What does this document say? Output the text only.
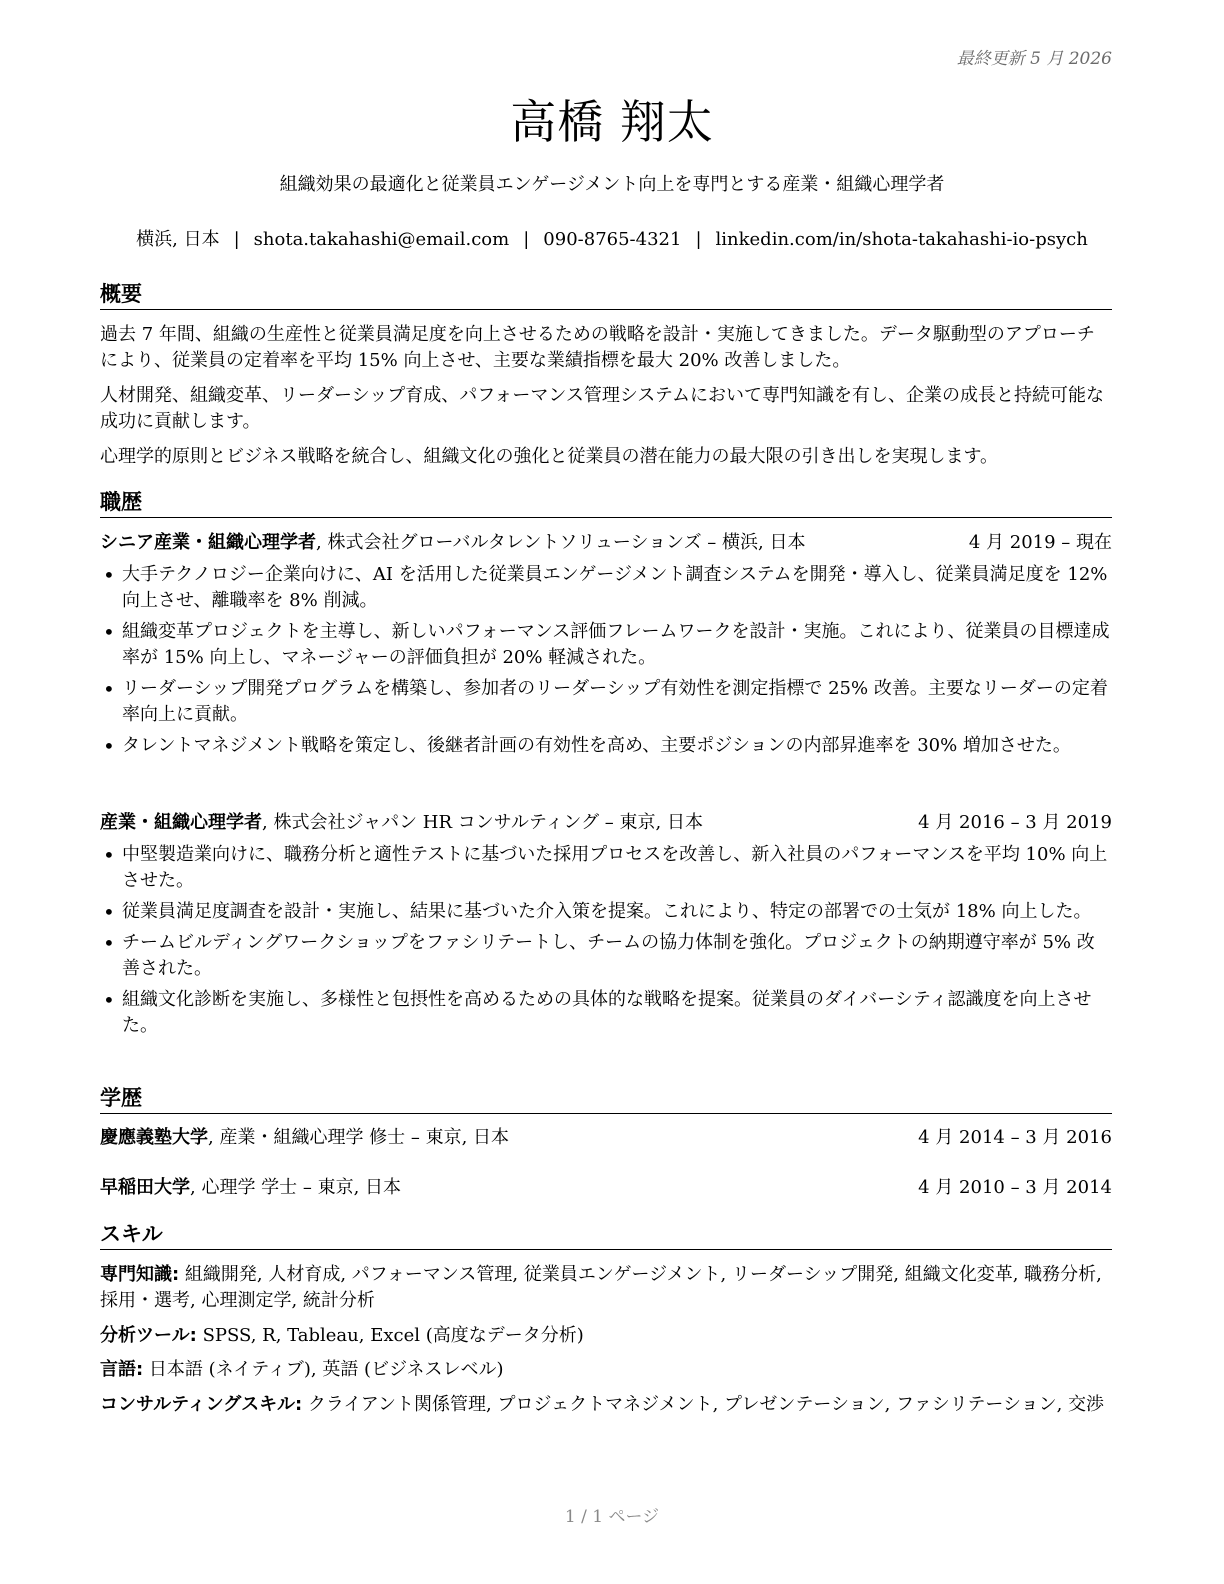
最終更新 5 月 2026
高橋 翔太
組織効果の最適化と従業員エンゲージメント向上を専門とする産業・組織心理学者
横浜, 日本 | shota.takahashi@email.com | 090-8765-4321 | linkedin.com/in/shota-takahashi-io-psych
概要
過去 7 年間、組織の生産性と従業員満足度を向上させるための戦略を設計・実施してきました。データ駆動型のアプローチにより、従業員の定着率を平均 15% 向上させ、主要な業績指標を最大 20% 改善しました。
人材開発、組織変革、リーダーシップ育成、パフォーマンス管理システムにおいて専門知識を有し、企業の成長と持続可能な成功に貢献します。
心理学的原則とビジネス戦略を統合し、組織文化の強化と従業員の潜在能力の最大限の引き出しを実現します。
職歴
シニア産業・組織心理学者, 株式会社グローバルタレントソリューションズ – 横浜, 日本	4 月 2019 – 現在
• 大手テクノロジー企業向けに、AI を活用した従業員エンゲージメント調査システムを開発・導入し、従業員満足度を 12% 向上させ、離職率を 8% 削減。
• 組織変革プロジェクトを主導し、新しいパフォーマンス評価フレームワークを設計・実施。これにより、従業員の目標達成率が 15% 向上し、マネージャーの評価負担が 20% 軽減された。
• リーダーシップ開発プログラムを構築し、参加者のリーダーシップ有効性を測定指標で 25% 改善。主要なリーダーの定着率向上に貢献。
• タレントマネジメント戦略を策定し、後継者計画の有効性を高め、主要ポジションの内部昇進率を 30% 増加させた。
産業・組織心理学者, 株式会社ジャパン HR コンサルティング – 東京, 日本	4 月 2016 – 3 月 2019
• 中堅製造業向けに、職務分析と適性テストに基づいた採用プロセスを改善し、新入社員のパフォーマンスを平均 10% 向上させた。
• 従業員満足度調査を設計・実施し、結果に基づいた介入策を提案。これにより、特定の部署での士気が 18% 向上した。
• チームビルディングワークショップをファシリテートし、チームの協力体制を強化。プロジェクトの納期遵守率が 5% 改善された。
• 組織文化診断を実施し、多様性と包摂性を高めるための具体的な戦略を提案。従業員のダイバーシティ認識度を向上させた。
学歴
慶應義塾大学, 産業・組織心理学 修士 – 東京, 日本	4 月 2014 – 3 月 2016
早稲田大学, 心理学 学士 – 東京, 日本	4 月 2010 – 3 月 2014
スキル
専門知識: 組織開発, 人材育成, パフォーマンス管理, 従業員エンゲージメント, リーダーシップ開発, 組織文化変革, 職務分析, 採用・選考, 心理測定学, 統計分析
分析ツール: SPSS, R, Tableau, Excel (高度なデータ分析)
言語: 日本語 (ネイティブ), 英語 (ビジネスレベル)
コンサルティングスキル: クライアント関係管理, プロジェクトマネジメント, プレゼンテーション, ファシリテーション, 交渉
1 / 1 ページ
